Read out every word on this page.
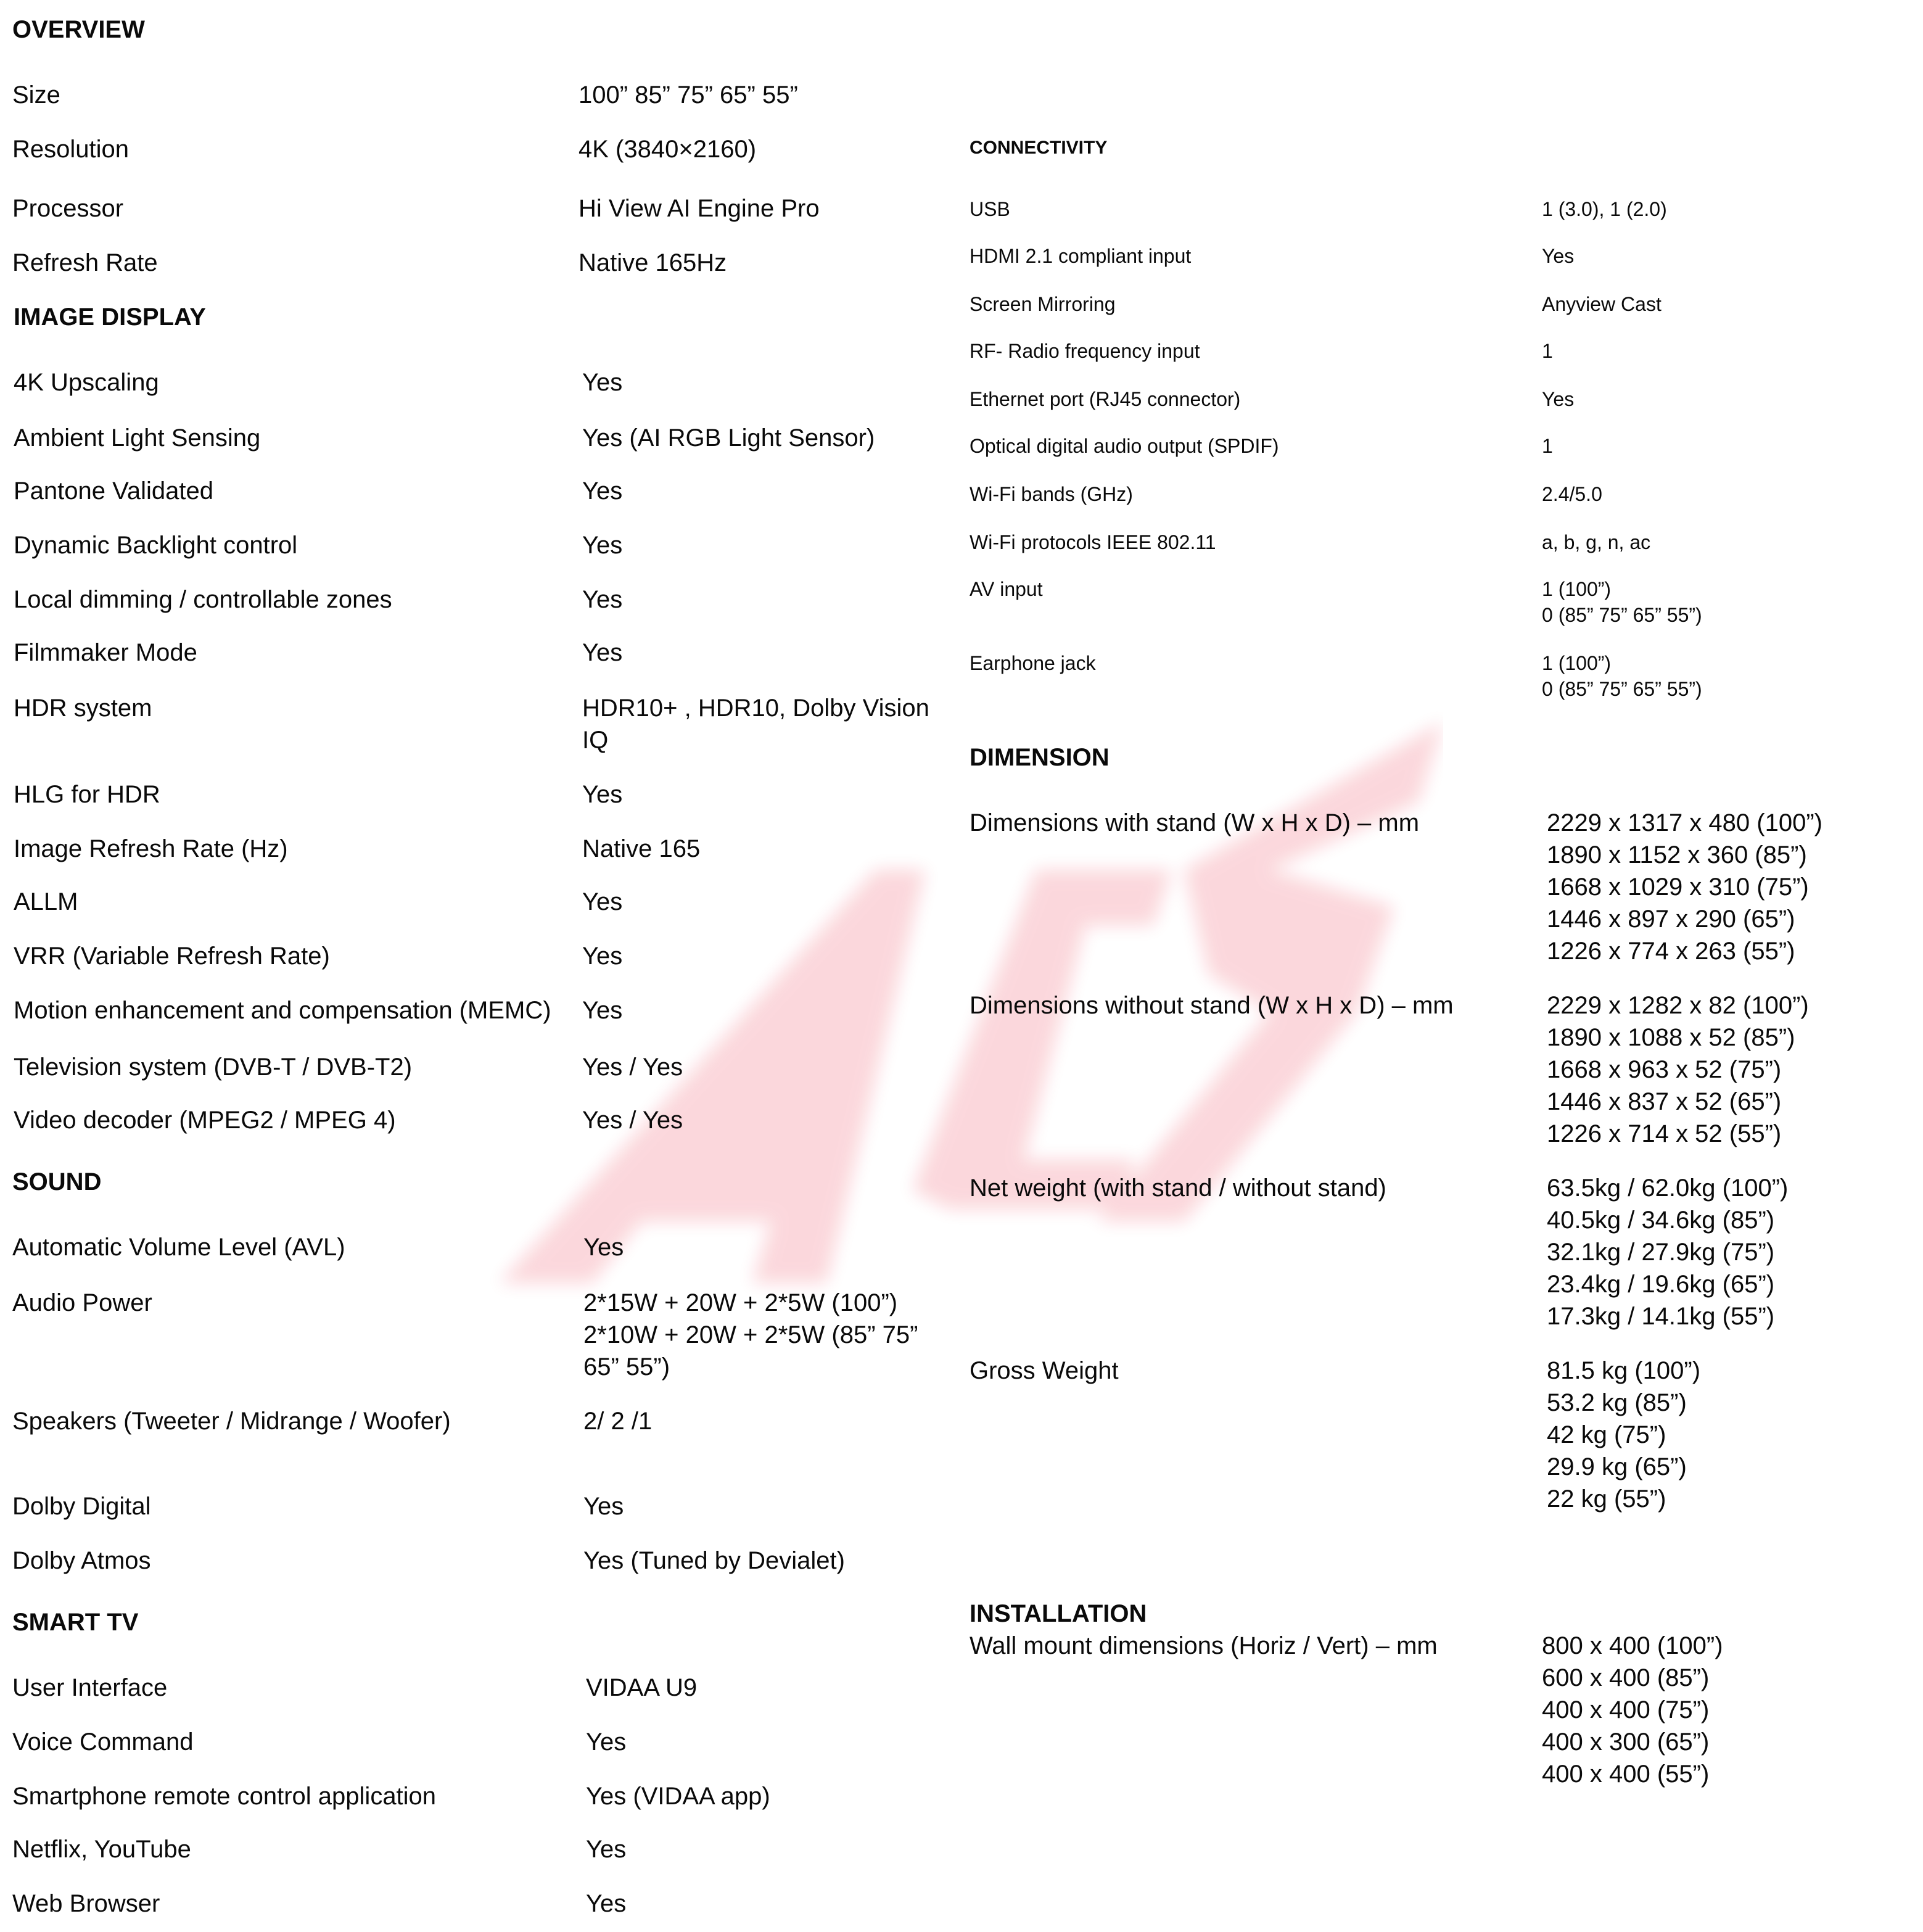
OVERVIEW
Size	100” 85” 75” 65” 55”
Resolution	4K (3840×2160)
Processor	Hi View AI Engine Pro
Refresh Rate	Native 165Hz
IMAGE DISPLAY
4K Upscaling	Yes
Ambient Light Sensing	Yes (AI RGB Light Sensor)
Pantone Validated	Yes
Dynamic Backlight control	Yes
Local dimming / controllable zones	Yes
Filmmaker Mode	Yes
HDR system	HDR10+ , HDR10, Dolby Vision
IQ
HLG for HDR	Yes
Image Refresh Rate (Hz)	Native 165
ALLM	Yes
VRR (Variable Refresh Rate)	Yes
Motion enhancement and compensation (MEMC) Yes
Television system (DVB-T / DVB-T2)	Yes / Yes
Video decoder (MPEG2 / MPEG 4)	Yes / Yes
SOUND
Automatic Volume Level (AVL)	Yes
Audio Power	2*15W + 20W + 2*5W (100”)
2*10W + 20W + 2*5W (85” 75”
65” 55”)
Speakers (Tweeter / Midrange / Woofer)	2/ 2 /1
Dolby Digital	Yes
Dolby Atmos	Yes (Tuned by Devialet)
SMART TV
User Interface	VIDAA U9
Voice Command	Yes
Smartphone remote control application	Yes (VIDAA app)
Netflix, YouTube	Yes
Web Browser	Yes
CONNECTIVITY
USB	1 (3.0), 1 (2.0)
HDMI 2.1 compliant input	Yes
Screen Mirroring	Anyview Cast
RF- Radio frequency input	1
Ethernet port (RJ45 connector)	Yes
Optical digital audio output (SPDIF)	1
Wi-Fi bands (GHz)	2.4/5.0
Wi-Fi protocols IEEE 802.11	a, b, g, n, ac
AV input	1 (100”)
0 (85” 75” 65” 55”)
Earphone jack	1 (100”)
0 (85” 75” 65” 55”)
DIMENSION
Dimensions with stand (W x H x D) – mm	2229 x 1317 x 480 (100”)
1890 x 1152 x 360 (85”)
1668 x 1029 x 310 (75”)
1446 x 897 x 290 (65”)
1226 x 774 x 263 (55”)
Dimensions without stand (W x H x D) – mm	2229 x 1282 x 82 (100”)
1890 x 1088 x 52 (85”)
1668 x 963 x 52 (75”)
1446 x 837 x 52 (65”)
1226 x 714 x 52 (55”)
Net weight (with stand / without stand)	63.5kg / 62.0kg (100”)
40.5kg / 34.6kg (85”)
32.1kg / 27.9kg (75”)
23.4kg / 19.6kg (65”)
17.3kg / 14.1kg (55”)
Gross Weight	81.5 kg (100”)
53.2 kg (85”)
42 kg (75”)
29.9 kg (65”)
22 kg (55”)
INSTALLATION
Wall mount dimensions (Horiz / Vert) – mm	800 x 400 (100”)
600 x 400 (85”)
400 x 400 (75”)
400 x 300 (65”)
400 x 400 (55”)
